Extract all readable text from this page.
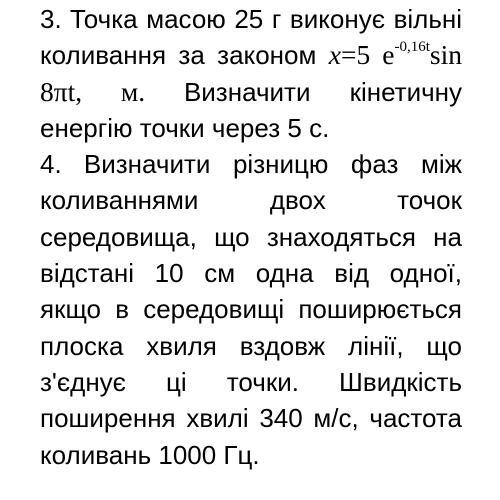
3. Точка масою 25 г виконує вільні коливання за законом x=5 $e^{-0,16t}\sin$ 8πt, м. Визначити кінетичну енергію точки через 5 с.

4. Визначити різницю фаз між коливаннями двох точок середовища, що знаходяться на відстані 10 см одна від одної, якщо в середовищі поширюється плоска хвиля вздовж лінії, що з'єднує ці точки. Швидкість поширення хвилі 340 м/с, частота коливань 1000 Гц.
